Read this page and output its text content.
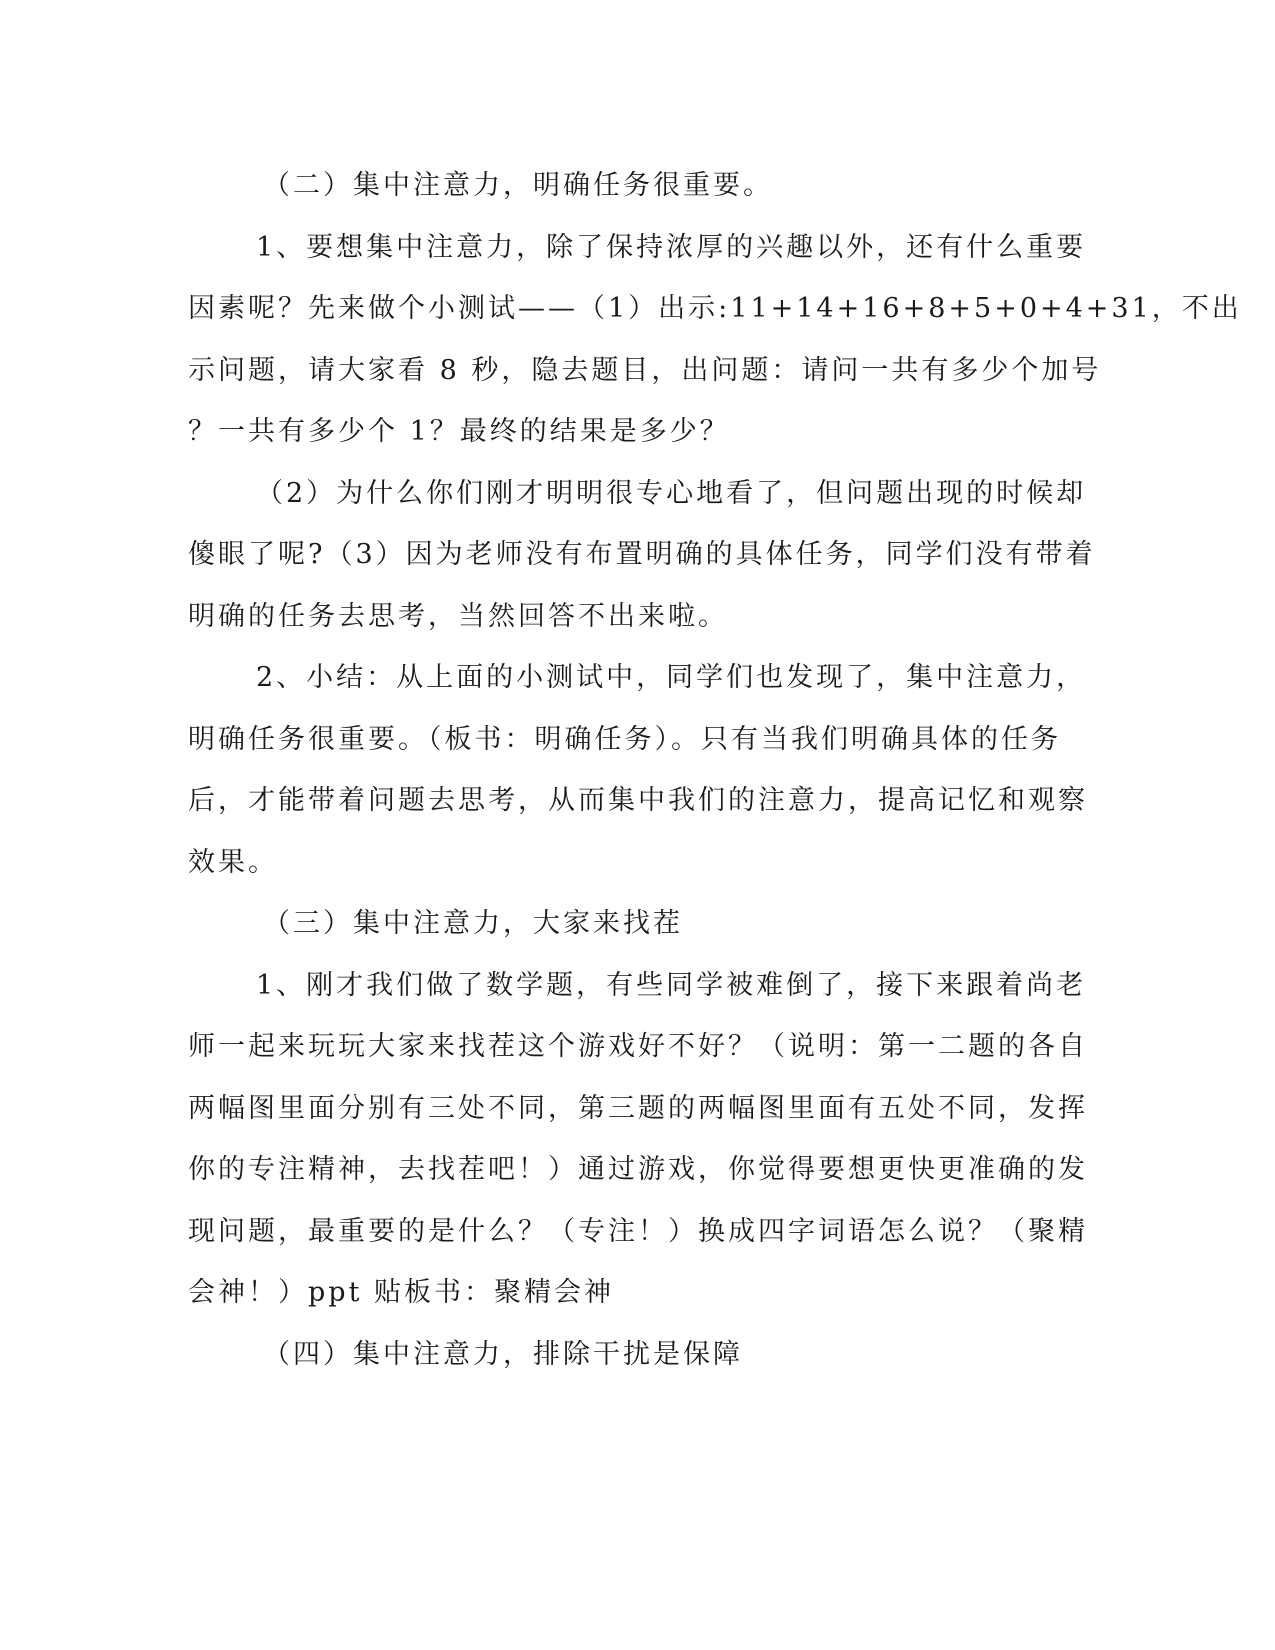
（二）集中注意力，明确任务很重要。
1、要想集中注意力，除了保持浓厚的兴趣以外，还有什么重要
因素呢？先来做个小测试——（1）出示:11+14+16+8+5+0+4+31，不出
示问题，请大家看 8 秒，隐去题目，出问题：请问一共有多少个加号
？一共有多少个 1？最终的结果是多少？
（2）为什么你们刚才明明很专心地看了，但问题出现的时候却
傻眼了呢?（3）因为老师没有布置明确的具体任务，同学们没有带着
明确的任务去思考，当然回答不出来啦。
2、小结：从上面的小测试中，同学们也发现了，集中注意力，
明确任务很重要。（板书：明确任务）。只有当我们明确具体的任务
后，才能带着问题去思考，从而集中我们的注意力，提高记忆和观察
效果。
（三）集中注意力，大家来找茬
1、刚才我们做了数学题，有些同学被难倒了，接下来跟着尚老
师一起来玩玩大家来找茬这个游戏好不好？（说明：第一二题的各自
两幅图里面分别有三处不同，第三题的两幅图里面有五处不同，发挥
你的专注精神，去找茬吧！）通过游戏，你觉得要想更快更准确的发
现问题，最重要的是什么？（专注！）换成四字词语怎么说？（聚精
会神！）ppt 贴板书：聚精会神
（四）集中注意力，排除干扰是保障
